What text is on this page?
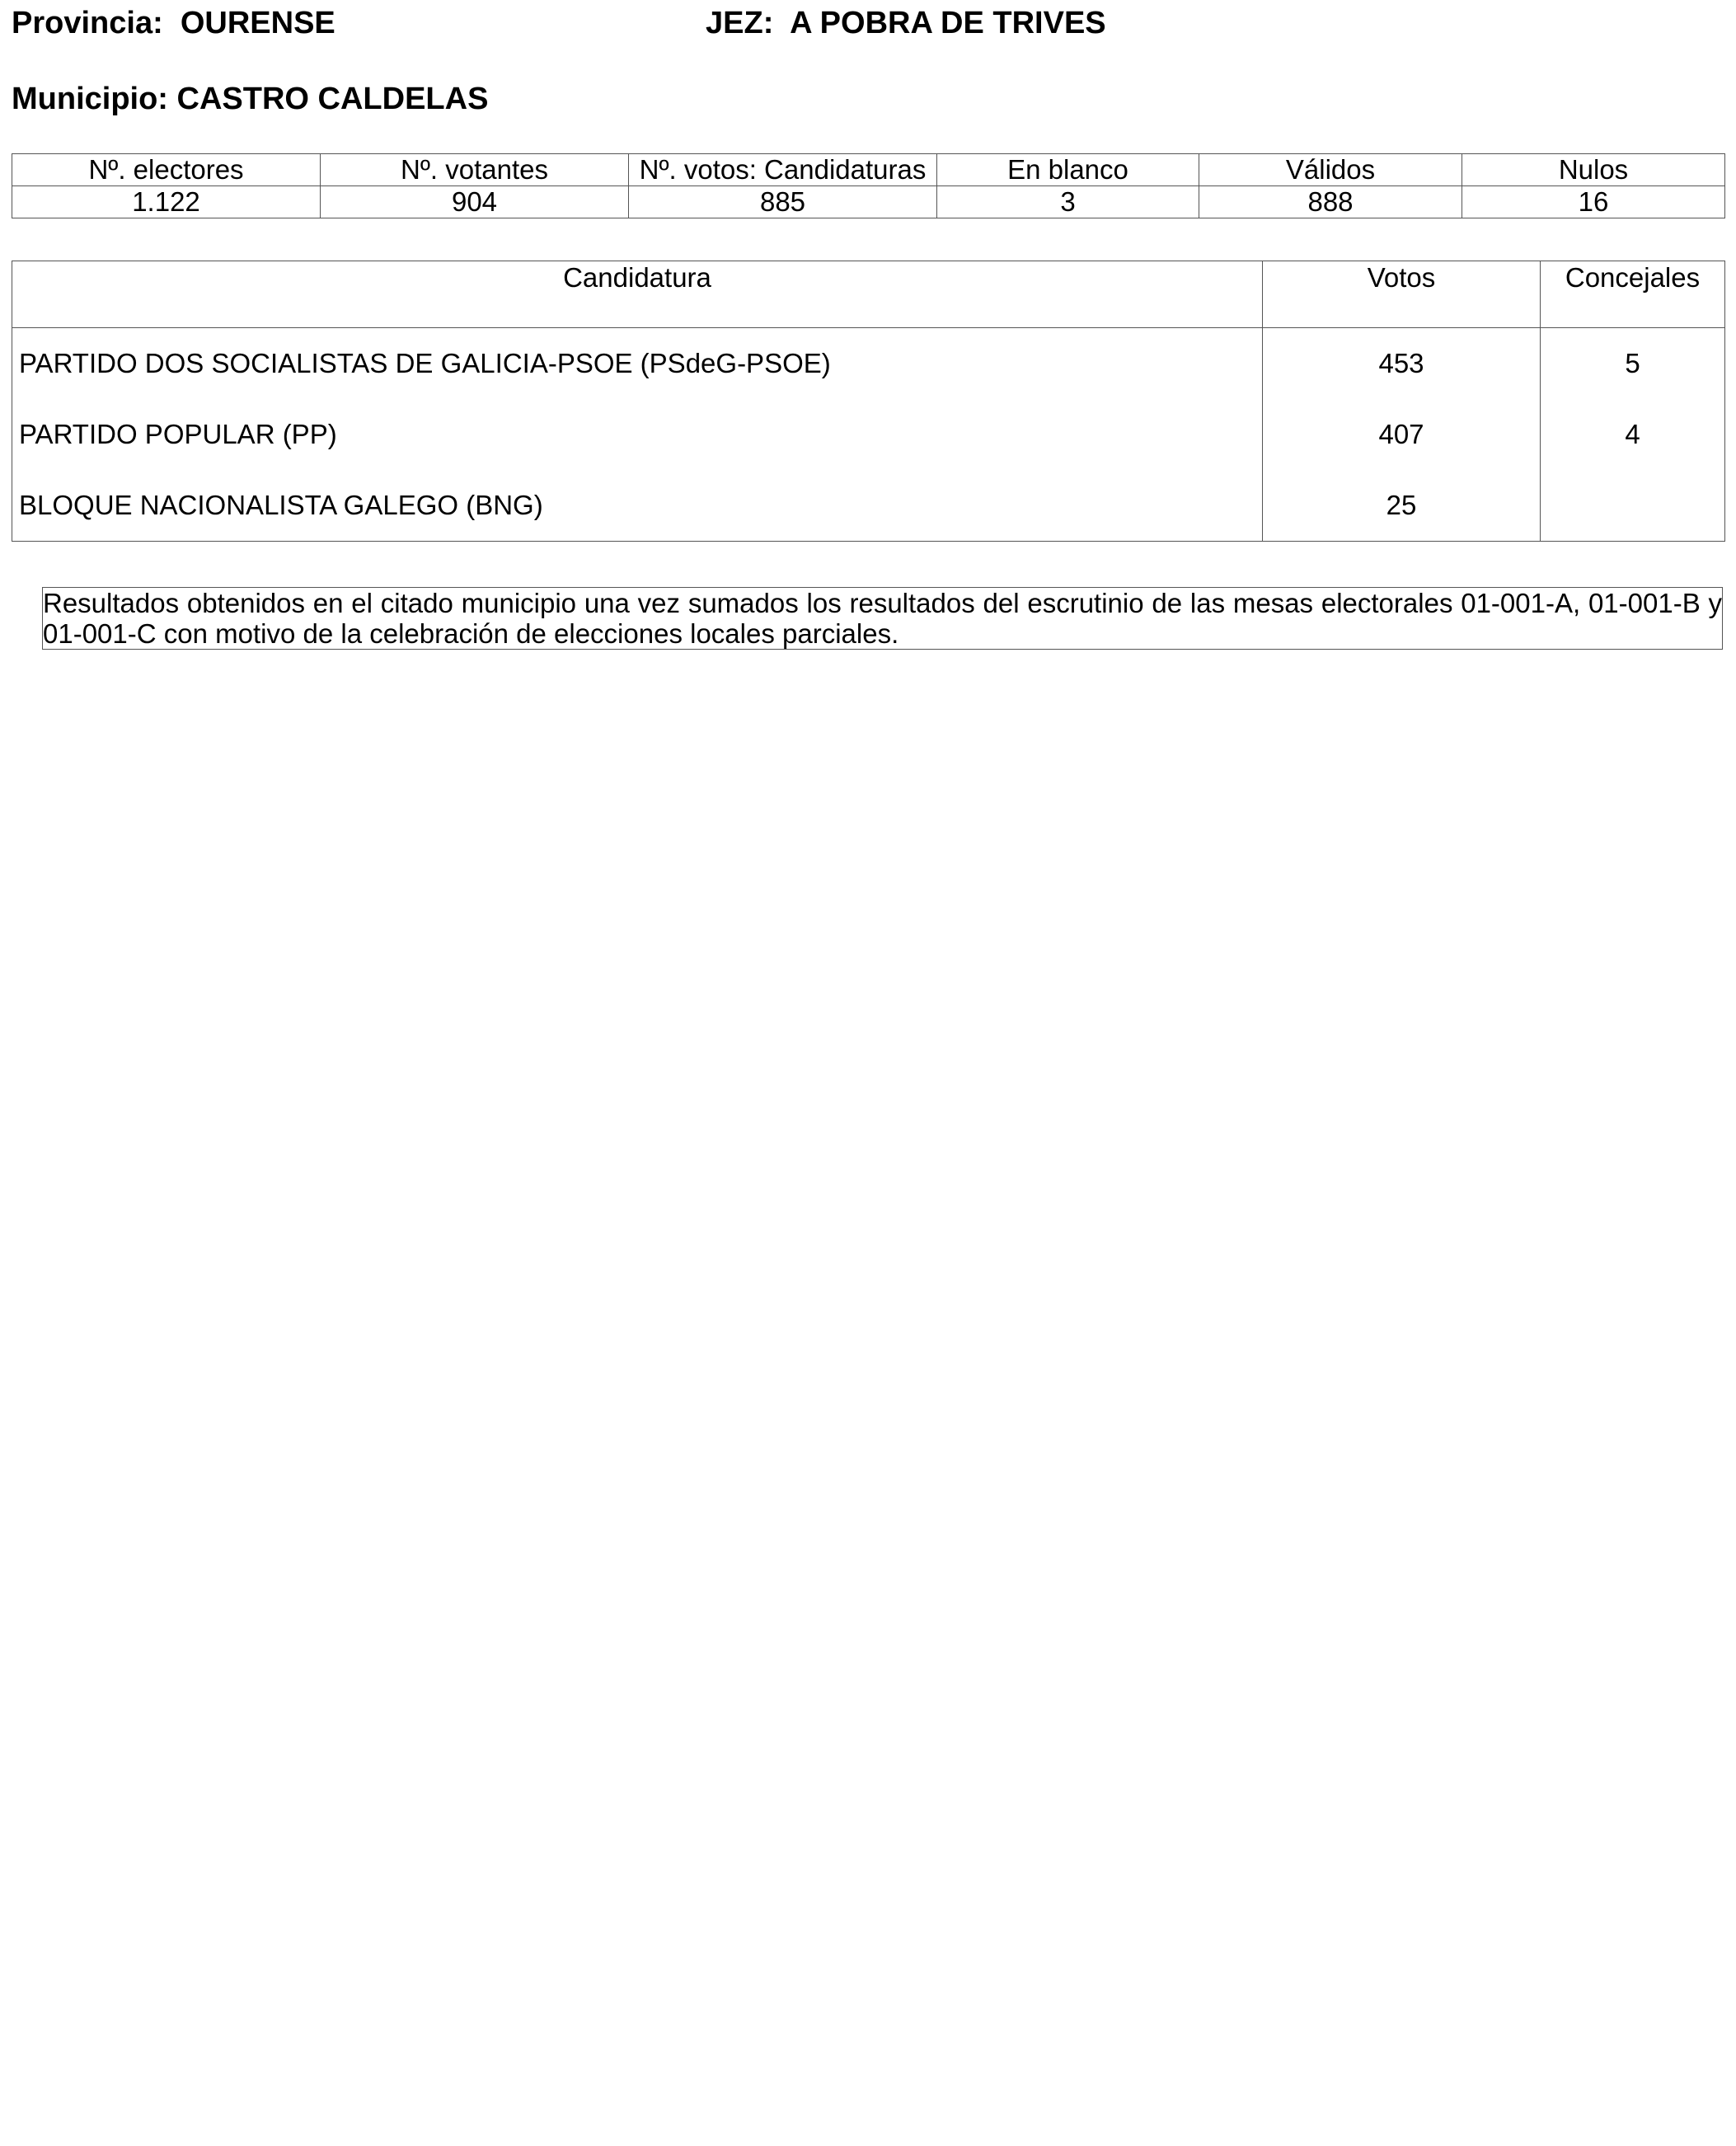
Provincia: OURENSE	JEZ: A POBRA DE TRIVES
Municipio: CASTRO CALDELAS
Nº. electores	Nº. votantes	Nº. votos: Candidaturas	En blanco	Válidos	Nulos
1.122	904	885	3	888	16
Candidatura	Votos	Concejales
PARTIDO DOS SOCIALISTAS DE GALICIA-PSOE (PSdeG-PSOE)	453	5
PARTIDO POPULAR (PP)	407	4
BLOQUE NACIONALISTA GALEGO (BNG)	25	
Resultados obtenidos en el citado municipio una vez sumados los resultados del escrutinio de las mesas electorales 01-001-A, 01-001-B y 01-001-C con motivo de la celebración de elecciones locales parciales.
